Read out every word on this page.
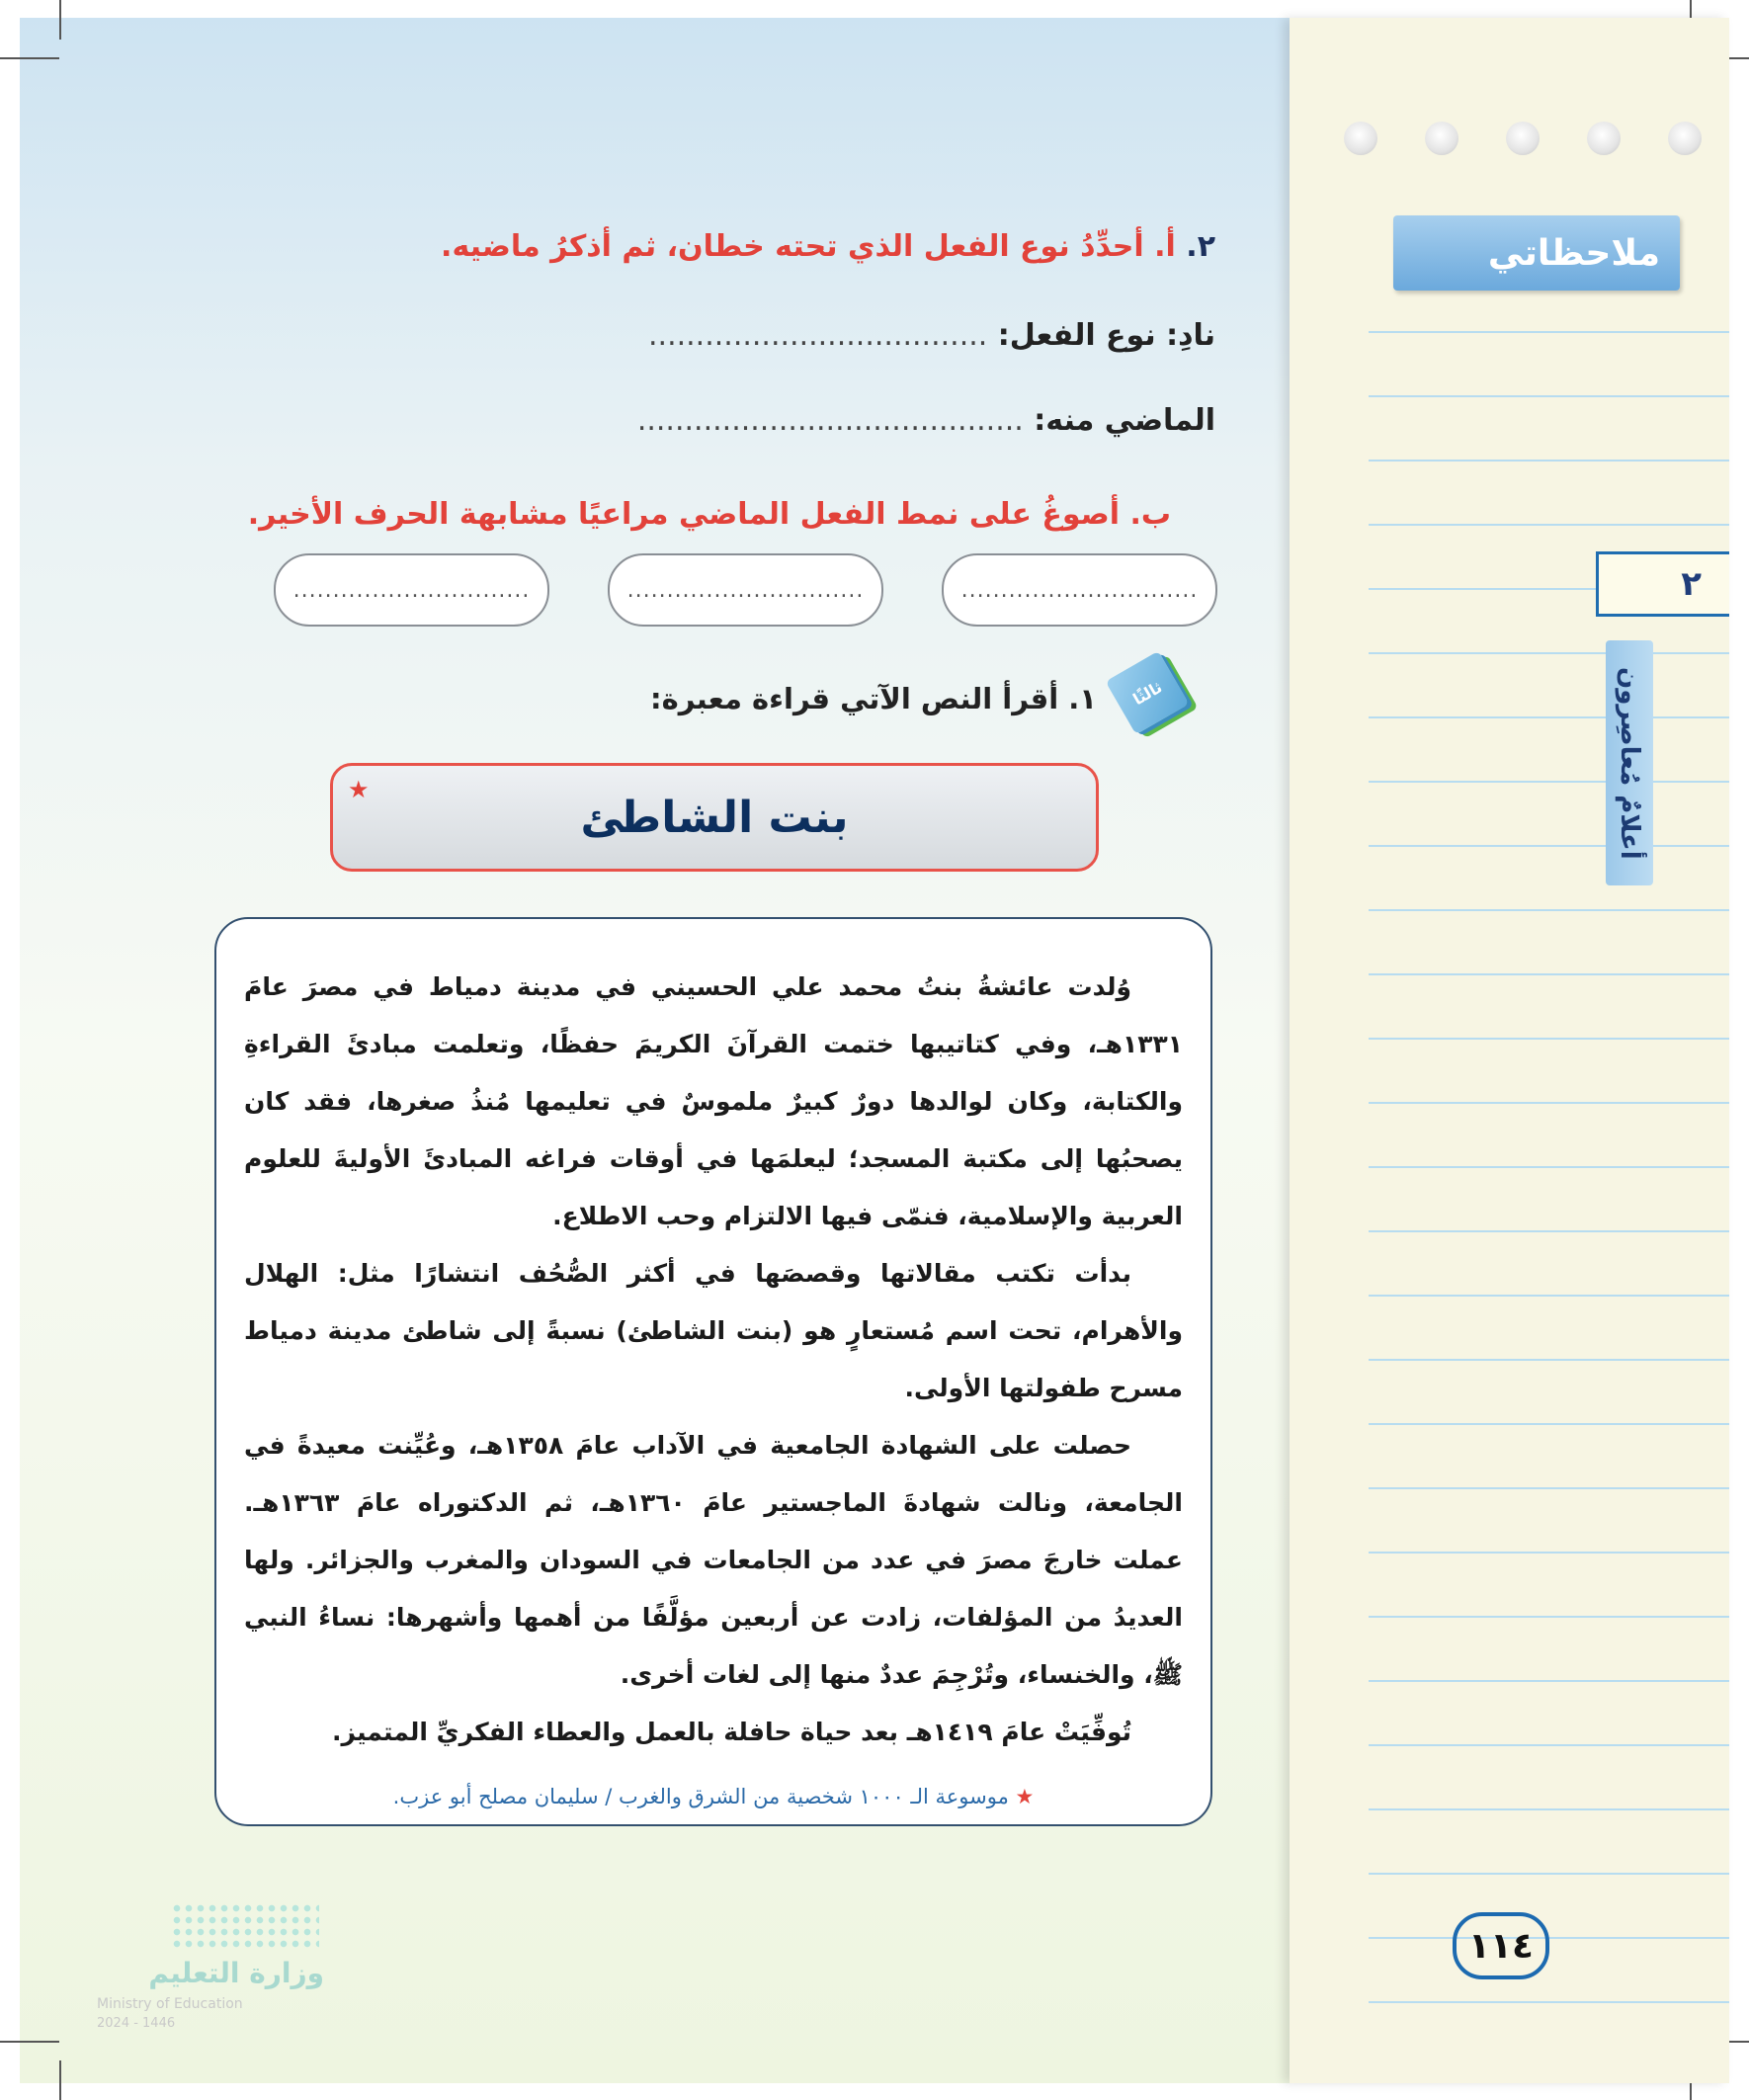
ملاحظاتي
٢
أعلامٌ مُعاصِرون
١١٤
٢. أ. أحدِّدُ نوع الفعل الذي تحته خطان، ثم أذكرُ ماضيه.
نادِ: نوع الفعل: ....................................
الماضي منه: .........................................
ب. أصوغُ على نمط الفعل الماضي مراعيًا مشابهة الحرف الأخير.
..............................
..............................
..............................
ثالثًا
١. أقرأ النص الآتي قراءة معبرة:
بنت الشاطئ
★

وُلدت عائشةُ بنتُ محمد علي الحسيني في مدينة دمياط في مصرَ عامَ ١٣٣١هـ، وفي كتاتيبها ختمت القرآنَ الكريمَ حفظًا، وتعلمت مبادئَ القراءةِ والكتابة، وكان لوالدها دورٌ كبيرٌ ملموسٌ في تعليمها مُنذُ صغرها، فقد كان يصحبُها إلى مكتبة المسجد؛ ليعلمَها في أوقات فراغه المبادئَ الأوليةَ للعلوم العربية والإسلامية، فنمّى فيها الالتزام وحب الاطلاع.

بدأت تكتب مقالاتها وقصصَها في أكثر الصُّحُف انتشارًا مثل: الهلال والأهرام، تحت اسم مُستعارٍ هو (بنت الشاطئ) نسبةً إلى شاطئ مدينة دمياط مسرح طفولتها الأولى.

حصلت على الشهادة الجامعية في الآداب عامَ ١٣٥٨هـ، وعُيِّنت معيدةً في الجامعة، ونالت شهادةَ الماجستير عامَ ١٣٦٠هـ، ثم الدكتوراه عامَ ١٣٦٣هـ. عملت خارجَ مصرَ في عدد من الجامعات في السودان والمغرب والجزائر. ولها العديدُ من المؤلفات، زادت عن أربعين مؤلَّفًا من أهمها وأشهرها: نساءُ النبي ﷺ، والخنساء، وتُرْجِمَ عددٌ منها إلى لغات أخرى.

تُوفِّيَتْ عامَ ١٤١٩هـ بعد حياة حافلة بالعمل والعطاء الفكريِّ المتميز.

★ موسوعة الـ ١٠٠٠ شخصية من الشرق والغرب / سليمان مصلح أبو عزب.
وزارة التعليم
Ministry of Education
2024 - 1446
